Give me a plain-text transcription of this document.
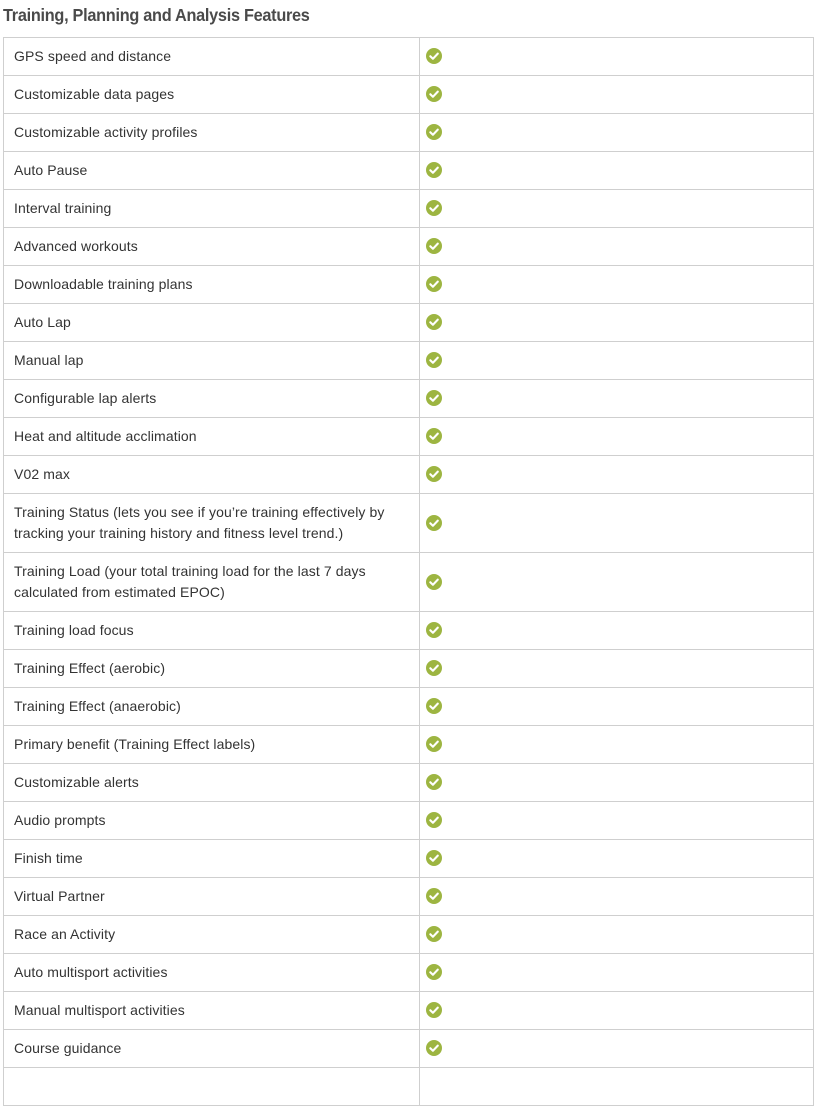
Training, Planning and Analysis Features
GPS speed and distance	

Customizable data pages	

Customizable activity profiles	

Auto Pause	

Interval training	

Advanced workouts	

Downloadable training plans	

Auto Lap	

Manual lap	

Configurable lap alerts	

Heat and altitude acclimation	

V02 max	

Training Status (lets you see if you’re training effectively by tracking your training history and fitness level trend.)	

Training Load (your total training load for the last 7 days calculated from estimated EPOC)	

Training load focus	

Training Effect (aerobic)	

Training Effect (anaerobic)	

Primary benefit (Training Effect labels)	

Customizable alerts	

Audio prompts	

Finish time	

Virtual Partner	

Race an Activity	

Auto multisport activities	

Manual multisport activities	

Course guidance	
